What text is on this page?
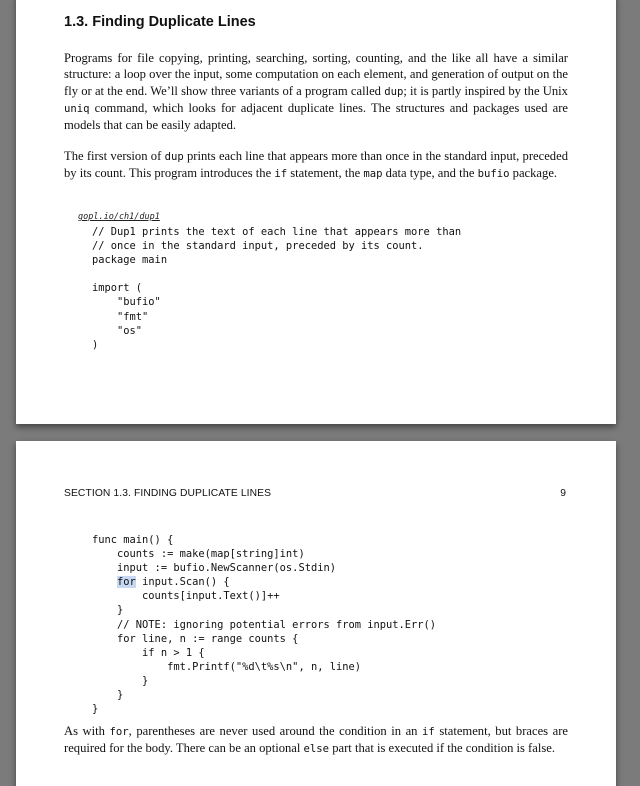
1.3. Finding Duplicate Lines

Programs for file copying, printing, searching, sorting, counting, and the like all have a similar structure: a loop over the input, some computation on each element, and generation of output on the fly or at the end. We’ll show three variants of a program called dup; it is partly inspired by the Unix uniq command, which looks for adjacent duplicate lines. The structures and packages used are models that can be easily adapted.

The first version of dup prints each line that appears more than once in the standard input, preceded by its count. This program introduces the if statement, the map data type, and the bufio package.

gopl.io/ch1/dup1
// Dup1 prints the text of each line that appears more than
// once in the standard input, preceded by its count.
package main

import (
"bufio"
"fmt"
"os"
)
SECTION 1.3. FINDING DUPLICATE LINES	9
func main() {
counts := make(map[string]int)
input := bufio.NewScanner(os.Stdin)
for input.Scan() {
counts[input.Text()]++
}
// NOTE: ignoring potential errors from input.Err()
for line, n := range counts {
if n > 1 {
fmt.Printf("%d\t%s\n", n, line)
}
}
}

As with for, parentheses are never used around the condition in an if statement, but braces are required for the body. There can be an optional else part that is executed if the condition is false.
